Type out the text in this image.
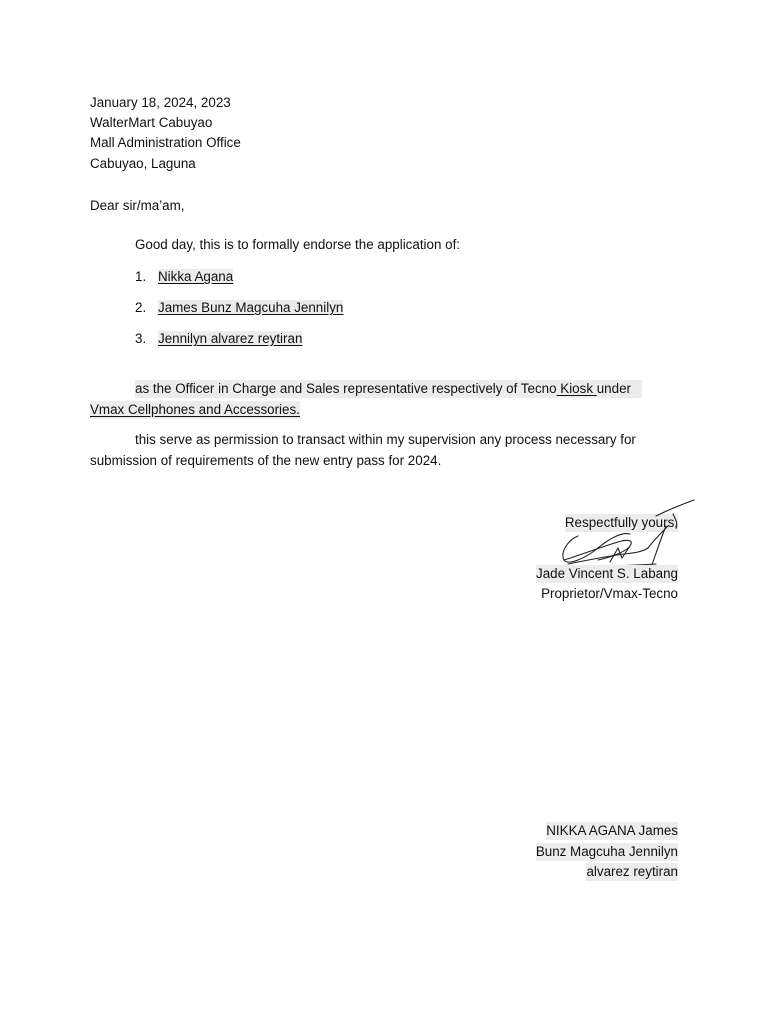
January 18, 2024, 2023
WalterMart Cabuyao
Mall Administration Office
Cabuyao, Laguna
Dear sir/ma’am,
Good day, this is to formally endorse the application of:
1. Nikka Agana
2. James Bunz Magcuha Jennilyn
3. Jennilyn alvarez reytiran
as the Officer in Charge and Sales representative respectively of Tecno Kiosk under
Vmax Cellphones and Accessories.
this serve as permission to transact within my supervision any process necessary for
submission of requirements of the new entry pass for 2024.
Respectfully yours,
Jade Vincent S. Labang
Proprietor/Vmax-Tecno
NIKKA AGANA James
Bunz Magcuha Jennilyn
alvarez reytiran
